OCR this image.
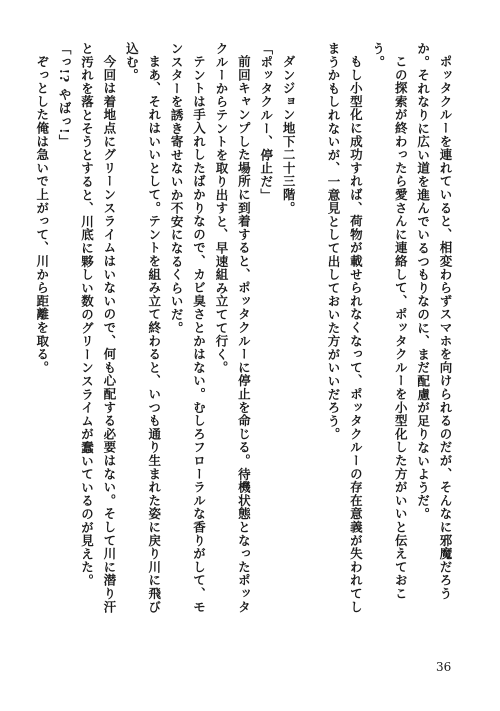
ポッタクルーを連れていると、相変わらずスマホを向けられるのだが、そんなに邪魔だろうか。それなりに広い道を進んでいるつもりなのに、まだ配慮が足りないようだ。

この探索が終わったら愛さんに連絡して、ポッタクルーを小型化した方がいいと伝えておこう。

もし小型化に成功すれば、荷物が載せられなくなって、ポッタクルーの存在意義が失われてしまうかもしれないが、一意見として出しておいた方がいいだろう。

ダンジョン地下二十三階。

「ポッタクルー、停止だ」

前回キャンプした場所に到着すると、ポッタクルーに停止を命じる。待機状態となったポッタクルーからテントを取り出すと、早速組み立てて行く。

テントは手入れしたばかりなので、カビ臭さとかはない。むしろフローラルな香りがして、モンスターを誘き寄せないか不安になるくらいだ。

まあ、それはいいとして。テントを組み立て終わると、いつも通り生まれた姿に戻り川に飛び込む。

今回は着地点にグリーンスライムはいないので、何も心配する必要はない。そして川に潜り汗と汚れを落とそうとすると、川底に夥しい数のグリーンスライムが蠢いているのが見えた。

「っ!? やばっ!」

ぞっとした俺は急いで上がって、川から距離を取る。

36
